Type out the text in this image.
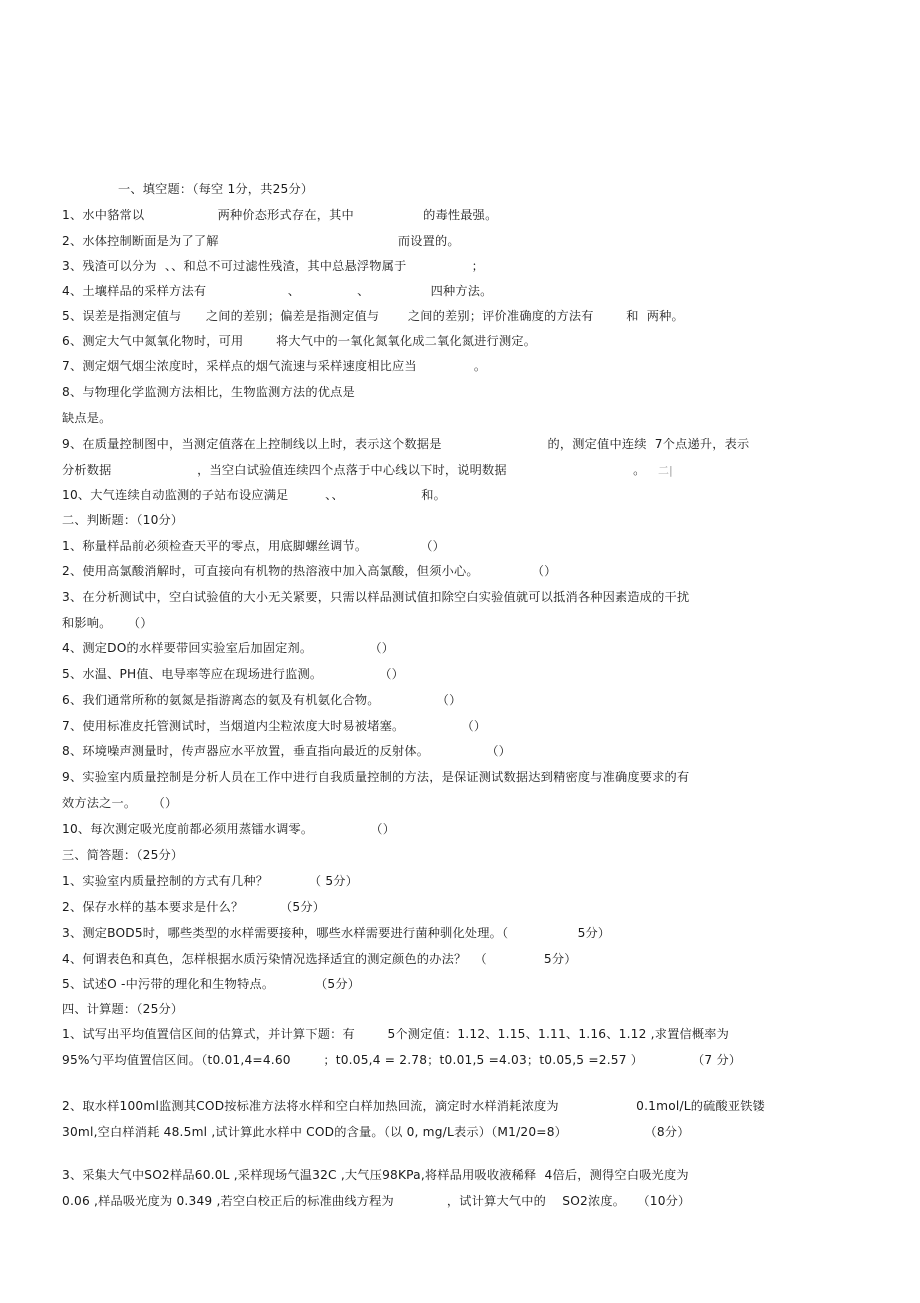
一、填空题：（每空 1分，共25分）
1、水中貉常以                  两种价态形式存在，其中                 的毒性最强。
2、水体控制断面是为了了解                                            而设置的。
3、残渣可以分为  、、和总不可过滤性残渣，其中总悬浮物属于                ；
4、土壤样品的采样方法有                    、              、               四种方法。
5、误差是指测定值与      之间的差别；偏差是指测定值与       之间的差别；评价准确度的方法有        和  两种。
6、测定大气中氮氧化物时，可用        将大气中的一氧化氮氧化成二氧化氮进行测定。
7、测定烟气烟尘浓度时，采样点的烟气流速与采样速度相比应当              。
8、与物理化学监测方法相比，生物监测方法的优点是
缺点是。
9、在质量控制图中，当测定值落在上控制线以上时，表示这个数据是                          的，测定值中连续  7个点递升，表示
分析数据                     ，当空白试验值连续四个点落于中心线以下时，说明数据                               。 二|
10、大气连续自动监测的子站布设应满足         、、                   和。
二、判断题：（10分）
1、称量样品前必须检查天平的零点，用底脚螺丝调节。             （）
2、使用高氯酸消解时，可直接向有机物的热溶液中加入高氯酸，但须小心。             （）
3、在分析测试中，空白试验值的大小无关紧要，只需以样品测试值扣除空白实验值就可以抵消各种因素造成的干扰
和影响。    （）
4、测定DO的水样要带回实验室后加固定剂。              （）
5、水温、PH值、电导率等应在现场进行监测。              （）
6、我们通常所称的氨氮是指游离态的氨及有机氨化合物。              （）
7、使用标准皮托管测试时，当烟道内尘粒浓度大时易被堵塞。              （）
8、环境噪声测量时，传声器应水平放置，垂直指向最近的反射体。              （）
9、实验室内质量控制是分析人员在工作中进行自我质量控制的方法，是保证测试数据达到精密度与准确度要求的有
效方法之一。    （）
10、每次测定吸光度前都必须用蒸镭水调零。              （）
三、简答题：（25分）
1、实验室内质量控制的方式有几种？          （ 5分）
2、保存水样的基本要求是什么？         （5分）
3、测定BOD5时，哪些类型的水样需要接种，哪些水样需要进行菌种驯化处理。（                 5分）
4、何谓表色和真色，怎样根据水质污染情况选择适宜的测定颜色的办法？  （              5分）
5、试述O -中污带的理化和生物特点。          （5分）
四、计算题：（25分）
1、试写出平均值置信区间的估算式，并计算下题：有        5个测定值：1.12、1.15、1.11、1.16、1.12 ,求置信概率为
95%勺平均值置信区间。（t0.01,4=4.60        ；t0.05,4 = 2.78；t0.01,5 =4.03；t0.05,5 =2.57 ）            （7 分）
2、取水样100ml监测其COD按标准方法将水样和空白样加热回流，滴定时水样消耗浓度为                   0.1mol/L的硫酸亚铁镂
30ml,空白样消耗 48.5ml ,试计算此水样中 COD的含量。（以 0, mg/L表示）（M1/20=8）                   （8分）
3、采集大气中SO2样品60.0L ,采样现场气温32C ,大气压98KPa,将样品用吸收液稀释  4倍后，测得空白吸光度为
0.06 ,样品吸光度为 0.349 ,若空白校正后的标准曲线方程为             ，试计算大气中的    SO2浓度。   （10分）
